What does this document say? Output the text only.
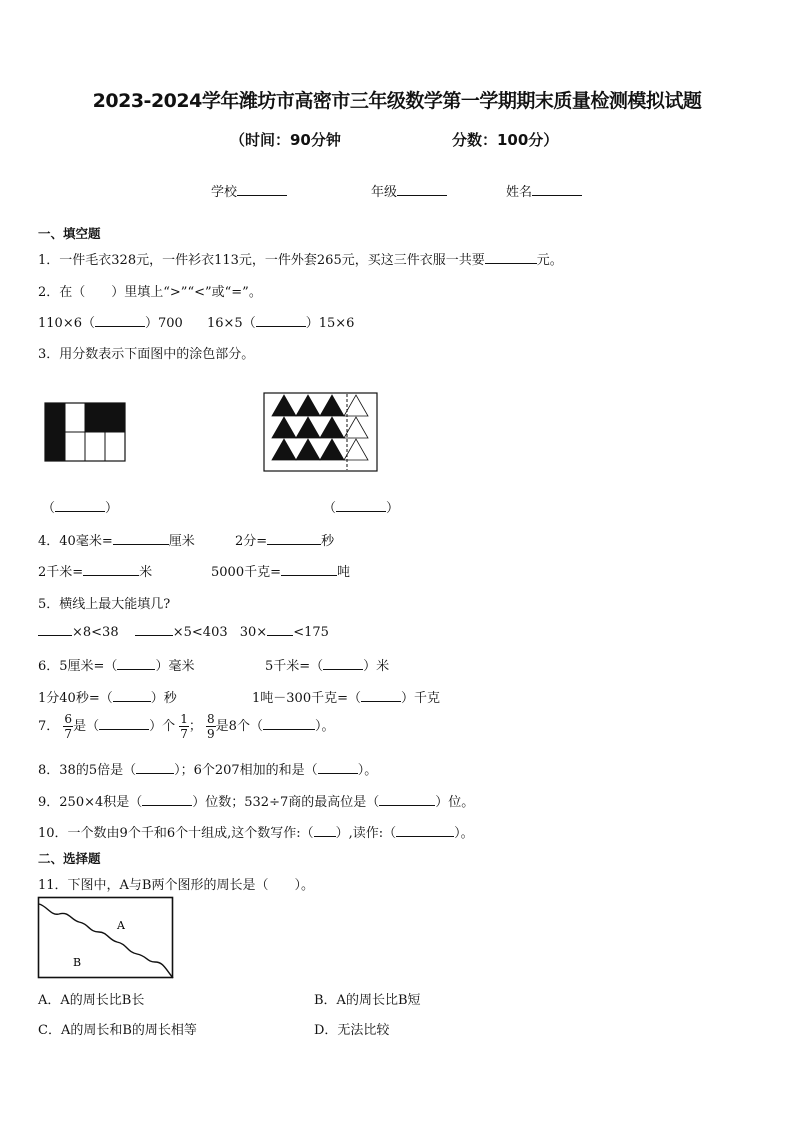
2023-2024学年潍坊市高密市三年级数学第一学期期末质量检测模拟试题
（时间：90分钟	分数：100分）
学校	年级	姓名
一、填空题
1．一件毛衣328元，一件衫衣113元，一件外套265元，买这三件衣服一共要	元。
2．在（　　）里填上“>”“<”或“=”。
110×6（	）700 16×5（	）15×6
3．用分数表示下面图中的涂色部分。
（	）	（	）
4．40毫米=	厘米	2分=	秒
2千米=	米	5000千克=	吨
5．横线上最大能填几?
×8<38	×5<403 30× <175
6．5厘米=（	）毫米	5千米=（	）米
1分40秒=（	）秒	1吨－300千克=（	）千克
7． $\frac{6}{7}$ 是（	）个 $\frac{1}{7}$ ； $\frac{8}{9}$ 是8个（	）。
8．38的5倍是（	）；6个207相加的和是（	）。
9．250×4积是（	）位数；532÷7商的最高位是（	）位。
10．一个数由9个千和6个十组成,这个数写作:（ ）,读作:（	）。
二、选择题
11．下图中，A与B两个图形的周长是（　　）。
A
B
A．A的周长比B长	B．A的周长比B短
C．A的周长和B的周长相等	D．无法比较
